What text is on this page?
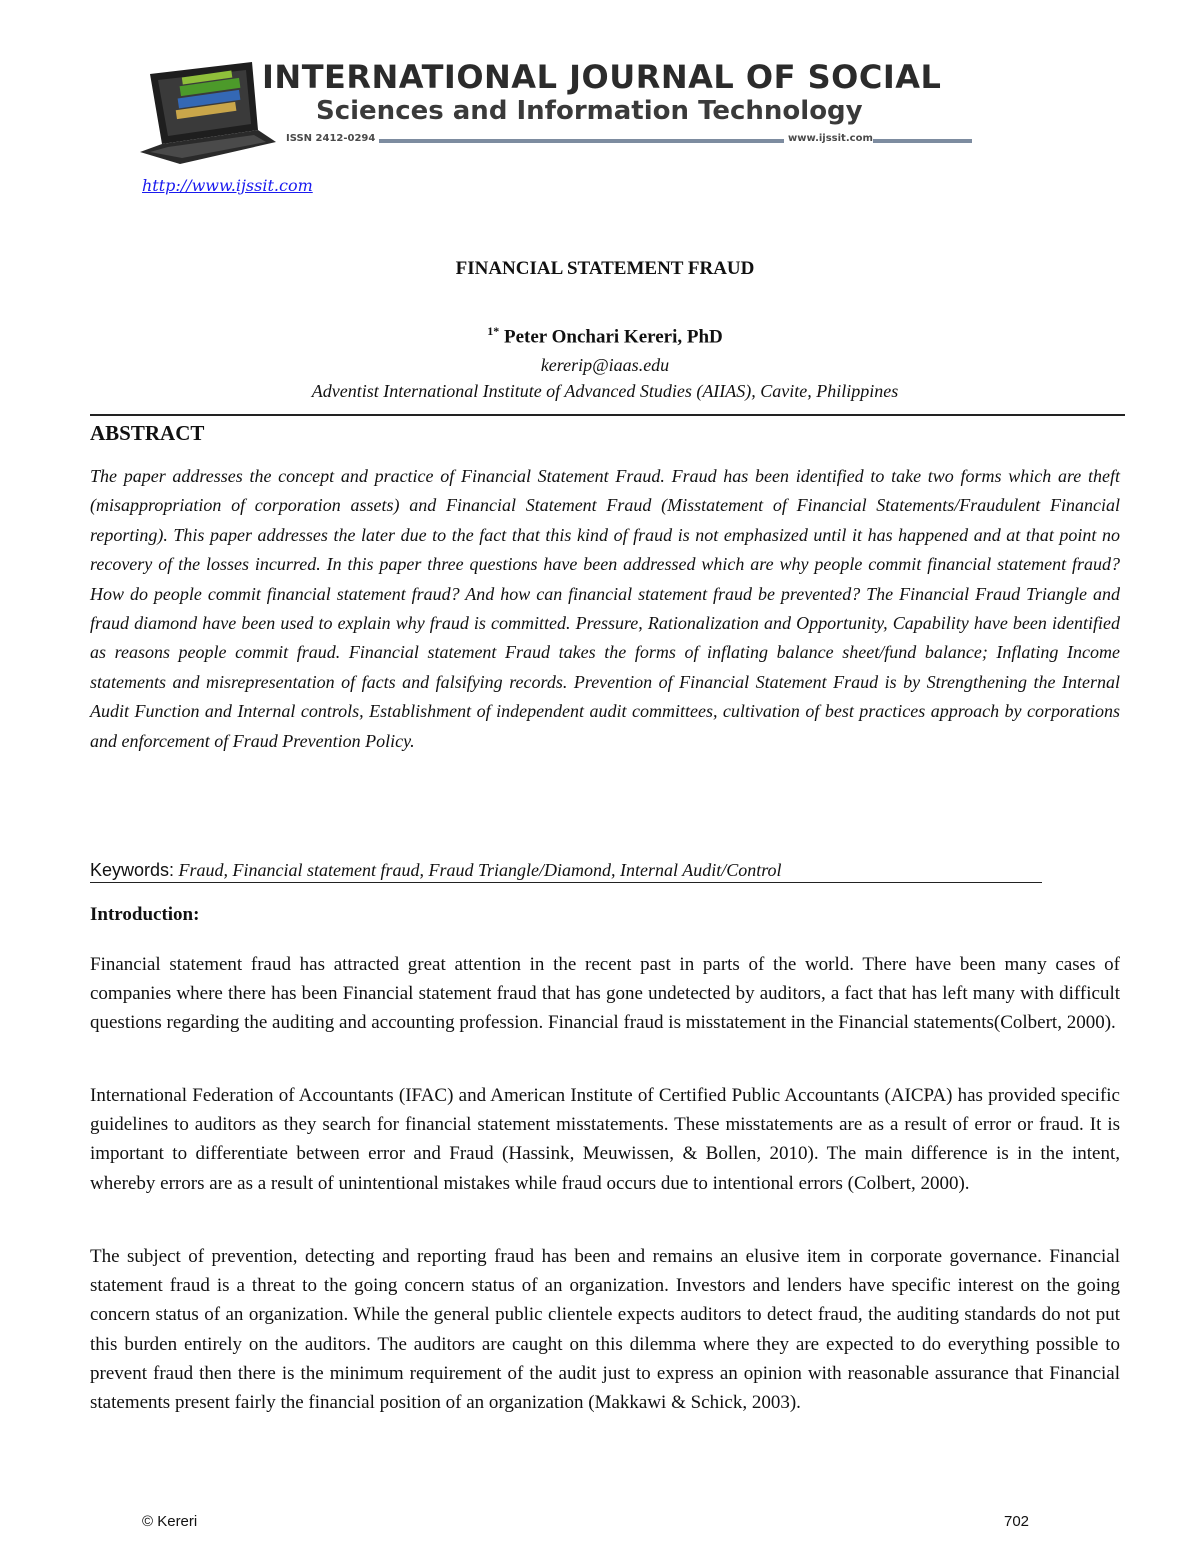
INTERNATIONAL JOURNAL OF SOCIAL
Sciences and Information Technology
ISSN 2412-0294	www.ijssit.com
http://www.ijssit.com
FINANCIAL STATEMENT FRAUD
$^{1*}$ Peter Onchari Kereri, PhD
kererip@iaas.edu
Adventist International Institute of Advanced Studies (AIIAS), Cavite, Philippines
ABSTRACT

The paper addresses the concept and practice of Financial Statement Fraud. Fraud has been identified to take two forms which are theft (misappropriation of corporation assets) and Financial Statement Fraud (Misstatement of Financial Statements/Fraudulent Financial reporting). This paper addresses the later due to the fact that this kind of fraud is not emphasized until it has happened and at that point no recovery of the losses incurred. In this paper three questions have been addressed which are why people commit financial statement fraud? How do people commit financial statement fraud? And how can financial statement fraud be prevented? The Financial Fraud Triangle and fraud diamond have been used to explain why fraud is committed. Pressure, Rationalization and Opportunity, Capability have been identified as reasons people commit fraud. Financial statement Fraud takes the forms of inflating balance sheet/fund balance; Inflating Income statements and misrepresentation of facts and falsifying records. Prevention of Financial Statement Fraud is by Strengthening the Internal Audit Function and Internal controls, Establishment of independent audit committees, cultivation of best practices approach by corporations and enforcement of Fraud Prevention Policy.

Keywords: Fraud, Financial statement fraud, Fraud Triangle/Diamond, Internal Audit/Control
Introduction:

Financial statement fraud has attracted great attention in the recent past in parts of the world. There have been many cases of companies where there has been Financial statement fraud that has gone undetected by auditors, a fact that has left many with difficult questions regarding the auditing and accounting profession. Financial fraud is misstatement in the Financial statements(Colbert, 2000).

International Federation of Accountants (IFAC) and American Institute of Certified Public Accountants (AICPA) has provided specific guidelines to auditors as they search for financial statement misstatements. These misstatements are as a result of error or fraud. It is important to differentiate between error and Fraud (Hassink, Meuwissen, & Bollen, 2010). The main difference is in the intent, whereby errors are as a result of unintentional mistakes while fraud occurs due to intentional errors (Colbert, 2000).

The subject of prevention, detecting and reporting fraud has been and remains an elusive item in corporate governance. Financial statement fraud is a threat to the going concern status of an organization. Investors and lenders have specific interest on the going concern status of an organization. While the general public clientele expects auditors to detect fraud, the auditing standards do not put this burden entirely on the auditors. The auditors are caught on this dilemma where they are expected to do everything possible to prevent fraud then there is the minimum requirement of the audit just to express an opinion with reasonable assurance that Financial statements present fairly the financial position of an organization (Makkawi & Schick, 2003).

© Kereri	702
